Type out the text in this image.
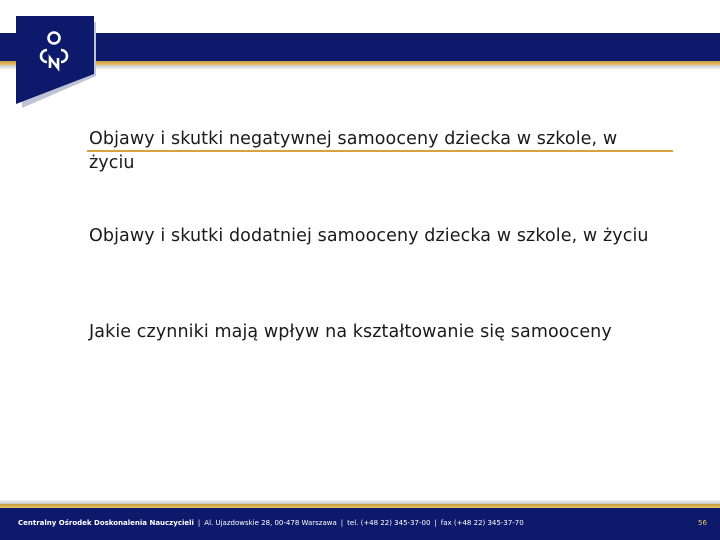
Objawy i skutki negatywnej samooceny dziecka w szkole, w życiu
Objawy i skutki dodatniej samooceny dziecka w szkole, w życiu
Jakie czynniki mają wpływ na kształtowanie się samooceny
Centralny Ośrodek Doskonalenia Nauczycieli | Al. Ujazdowskie 28, 00-478 Warszawa | tel. (+48 22) 345-37-00 | fax (+48 22) 345-37-70	56
